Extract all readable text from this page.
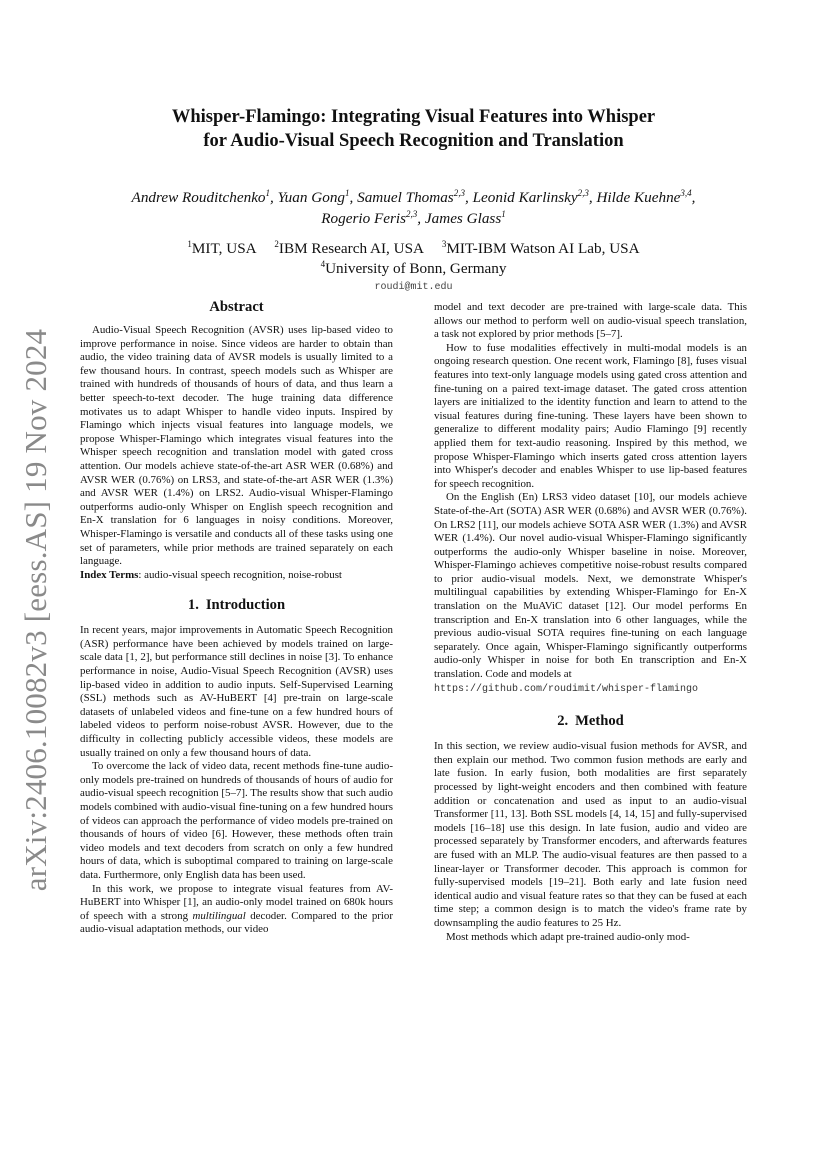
arXiv:2406.10082v3 [eess.AS] 19 Nov 2024
Whisper-Flamingo: Integrating Visual Features into Whisper
for Audio-Visual Speech Recognition and Translation
Andrew Rouditchenko$^1$, Yuan Gong$^1$, Samuel Thomas$^{2,3}$, Leonid Karlinsky$^{2,3}$, Hilde Kuehne$^{3,4}$,
Rogerio Feris$^{2,3}$, James Glass$^1$
$^1$MIT, USA $^2$IBM Research AI, USA $^3$MIT-IBM Watson AI Lab, USA
$^4$University of Bonn, Germany
roudi@mit.edu
Abstract

Audio-Visual Speech Recognition (AVSR) uses lip-based video to improve performance in noise. Since videos are harder to obtain than audio, the video training data of AVSR models is usually limited to a few thousand hours. In contrast, speech models such as Whisper are trained with hundreds of thousands of hours of data, and thus learn a better speech-to-text decoder. The huge training data difference motivates us to adapt Whisper to handle video inputs. Inspired by Flamingo which injects visual features into language models, we propose Whisper-Flamingo which integrates visual features into the Whisper speech recognition and translation model with gated cross attention. Our models achieve state-of-the-art ASR WER (0.68%) and AVSR WER (0.76%) on LRS3, and state-of-the-art ASR WER (1.3%) and AVSR WER (1.4%) on LRS2. Audio-visual Whisper-Flamingo outperforms audio-only Whisper on English speech recognition and En-X translation for 6 languages in noisy conditions. Moreover, Whisper-Flamingo is versatile and conducts all of these tasks using one set of parameters, while prior methods are trained separately on each language.

Index Terms: audio-visual speech recognition, noise-robust

1. Introduction

In recent years, major improvements in Automatic Speech Recognition (ASR) performance have been achieved by models trained on large-scale data [1, 2], but performance still declines in noise [3]. To enhance performance in noise, Audio-Visual Speech Recognition (AVSR) uses lip-based video in addition to audio inputs. Self-Supervised Learning (SSL) methods such as AV-HuBERT [4] pre-train on large-scale datasets of unlabeled videos and fine-tune on a few hundred hours of labeled videos to perform noise-robust AVSR. However, due to the difficulty in collecting publicly accessible videos, these models are usually trained on only a few thousand hours of data.

To overcome the lack of video data, recent methods fine-tune audio-only models pre-trained on hundreds of thousands of hours of audio for audio-visual speech recognition [5–7]. The results show that such audio models combined with audio-visual fine-tuning on a few hundred hours of videos can approach the performance of video models pre-trained on thousands of hours of video [6]. However, these methods often train video models and text decoders from scratch on only a few hundred hours of data, which is suboptimal compared to training on large-scale data. Furthermore, only English data has been used.

In this work, we propose to integrate visual features from AV-HuBERT into Whisper [1], an audio-only model trained on 680k hours of speech with a strong multilingual decoder. Compared to the prior audio-visual adaptation methods, our video

model and text decoder are pre-trained with large-scale data. This allows our method to perform well on audio-visual speech translation, a task not explored by prior methods [5–7].

How to fuse modalities effectively in multi-modal models is an ongoing research question. One recent work, Flamingo [8], fuses visual features into text-only language models using gated cross attention and fine-tuning on a paired text-image dataset. The gated cross attention layers are initialized to the identity function and learn to attend to the visual features during fine-tuning. These layers have been shown to generalize to different modality pairs; Audio Flamingo [9] recently applied them for text-audio reasoning. Inspired by this method, we propose Whisper-Flamingo which inserts gated cross attention layers into Whisper's decoder and enables Whisper to use lip-based features for speech recognition.

On the English (En) LRS3 video dataset [10], our models achieve State-of-the-Art (SOTA) ASR WER (0.68%) and AVSR WER (0.76%). On LRS2 [11], our models achieve SOTA ASR WER (1.3%) and AVSR WER (1.4%). Our novel audio-visual Whisper-Flamingo significantly outperforms the audio-only Whisper baseline in noise. Moreover, Whisper-Flamingo achieves competitive noise-robust results compared to prior audio-visual models. Next, we demonstrate Whisper's multilingual capabilities by extending Whisper-Flamingo for En-X translation on the MuAViC dataset [12]. Our model performs En transcription and En-X translation into 6 other languages, while the previous audio-visual SOTA requires fine-tuning on each language separately. Once again, Whisper-Flamingo significantly outperforms audio-only Whisper in noise for both En transcription and En-X translation. Code and models at
https://github.com/roudimit/whisper-flamingo

2. Method

In this section, we review audio-visual fusion methods for AVSR, and then explain our method. Two common fusion methods are early and late fusion. In early fusion, both modalities are first separately processed by light-weight encoders and then combined with feature addition or concatenation and used as input to an audio-visual Transformer [11, 13]. Both SSL models [4, 14, 15] and fully-supervised models [16–18] use this design. In late fusion, audio and video are processed separately by Transformer encoders, and afterwards features are fused with an MLP. The audio-visual features are then passed to a linear-layer or Transformer decoder. This approach is common for fully-supervised models [19–21]. Both early and late fusion need identical audio and visual feature rates so that they can be fused at each time step; a common design is to match the video's frame rate by downsampling the audio features to 25 Hz.

Most methods which adapt pre-trained audio-only mod-
